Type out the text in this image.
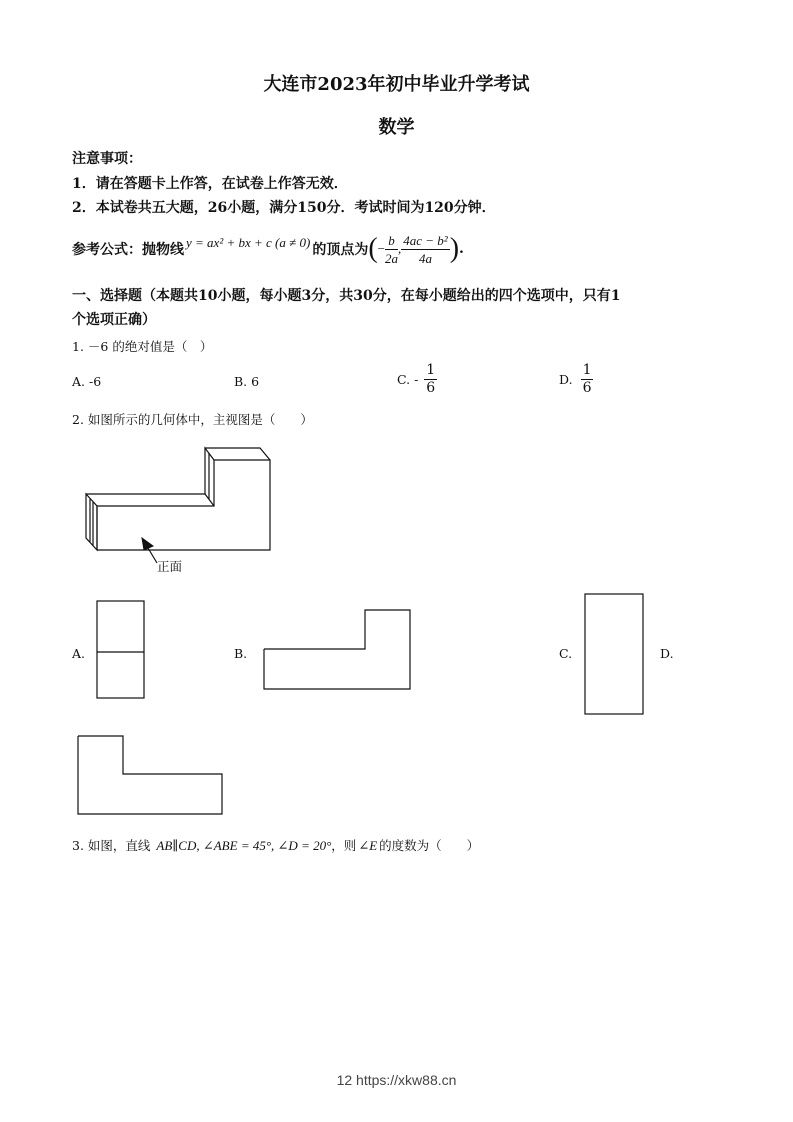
大连市2023年初中毕业升学考试
数学
注意事项：
1．请在答题卡上作答，在试卷上作答无效．
2．本试卷共五大题，26小题，满分150分．考试时间为120分钟．
参考公式：抛物线 y = ax² + bx + c (a ≠ 0) 的顶点为 ( − $\frac{b}{2a}$ , $\frac{\text{4ac − b²}}{4a}$ ) .
一、选择题（本题共10小题，每小题3分，共30分，在每小题给出的四个选项中，只有1
个选项正确）
1. －6 的绝对值是（　）
A. -6	B. 6	C. - $\frac{1}{6}$	D. $\frac{1}{6}$
2. 如图所示的几何体中，主视图是（　　）
正面
A.	B.	C.	D.
3. 如图，直线 AB∥CD, ∠ABE = 45°, ∠D = 20° ，则 ∠E 的度数为（　　）
12 https://xkw88.cn
